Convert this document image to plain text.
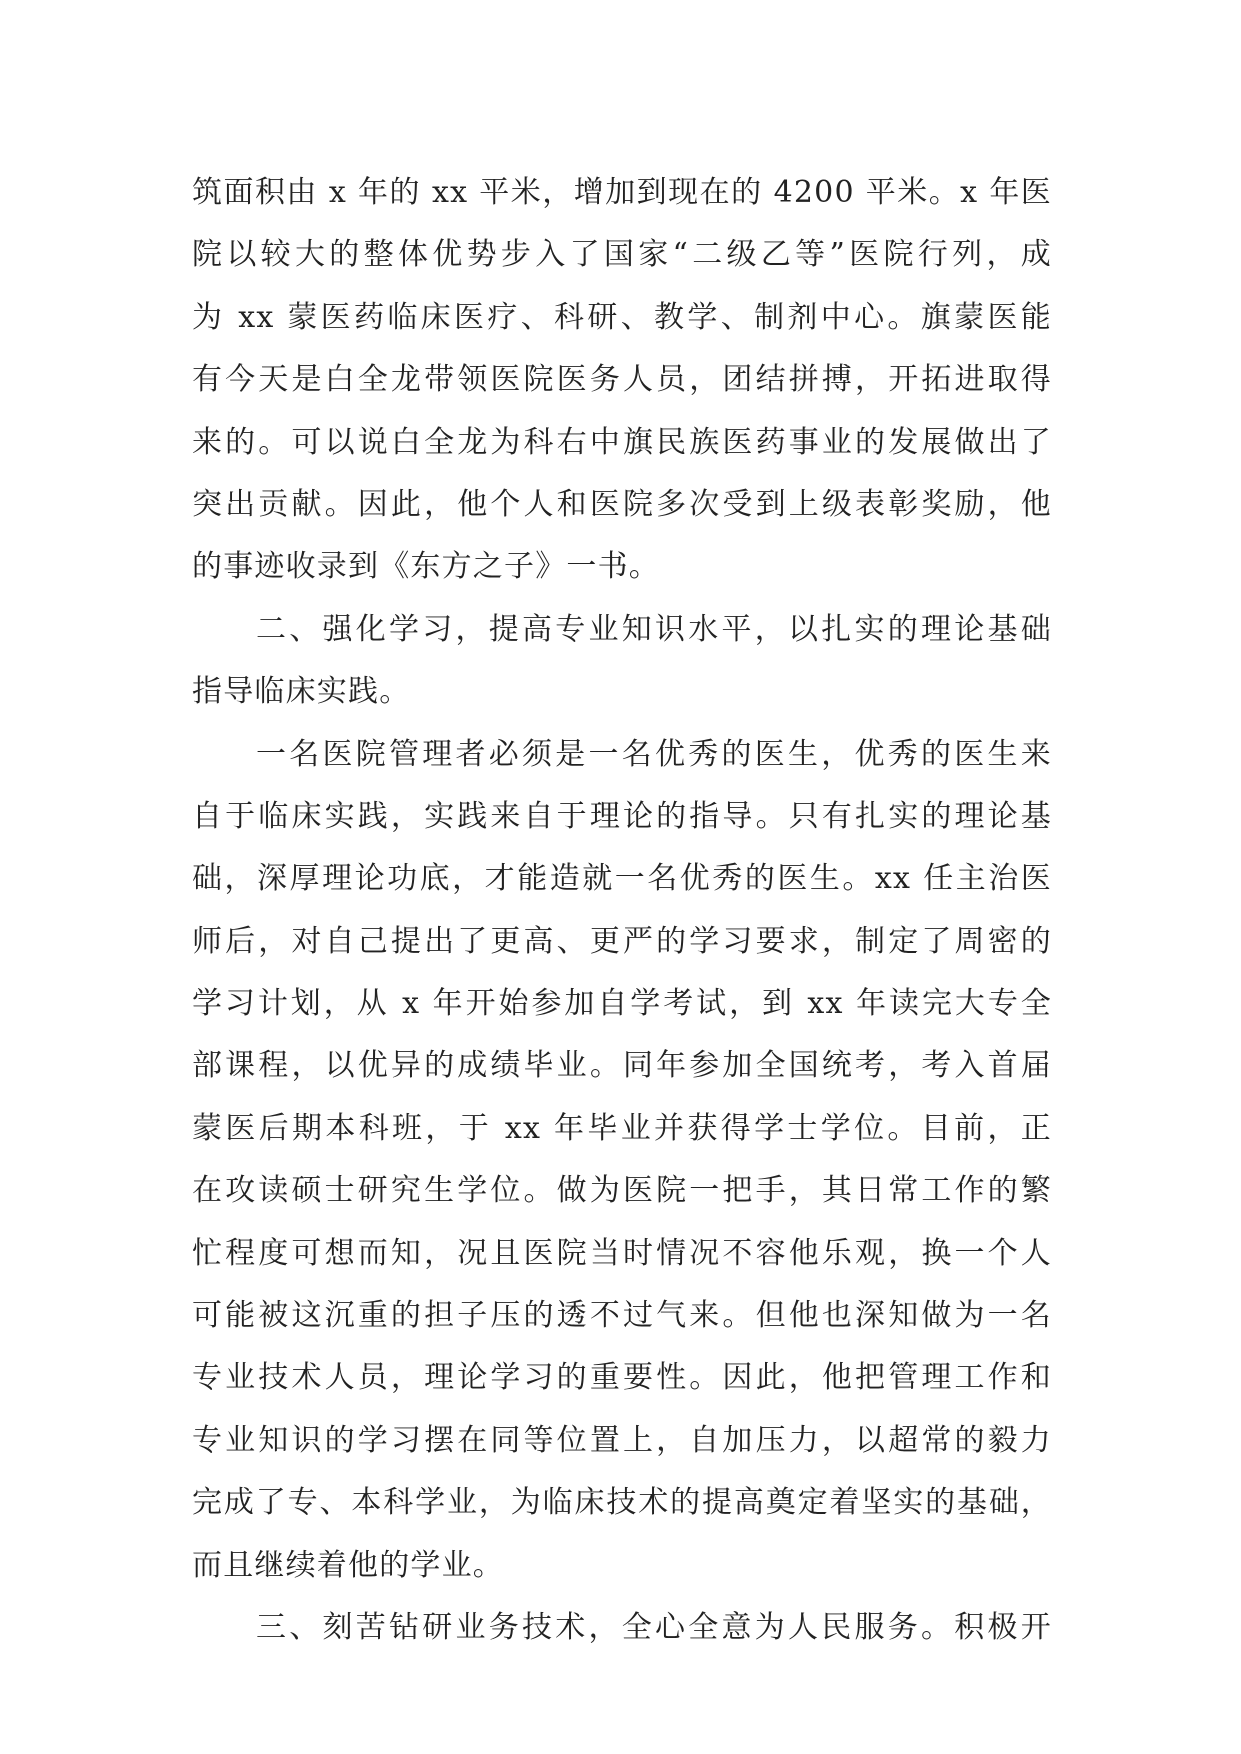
筑面积由 x 年的 xx 平米，增加到现在的 4200 平米。x 年医
院以较大的整体优势步入了国家“二级乙等”医院行列，成
为 xx 蒙医药临床医疗、科研、教学、制剂中心。旗蒙医能
有今天是白全龙带领医院医务人员，团结拼搏，开拓进取得
来的。可以说白全龙为科右中旗民族医药事业的发展做出了
突出贡献。因此，他个人和医院多次受到上级表彰奖励，他
的事迹收录到《东方之子》一书。
二、强化学习，提高专业知识水平，以扎实的理论基础
指导临床实践。
一名医院管理者必须是一名优秀的医生，优秀的医生来
自于临床实践，实践来自于理论的指导。只有扎实的理论基
础，深厚理论功底，才能造就一名优秀的医生。xx 任主治医
师后，对自己提出了更高、更严的学习要求，制定了周密的
学习计划，从 x 年开始参加自学考试，到 xx 年读完大专全
部课程，以优异的成绩毕业。同年参加全国统考，考入首届
蒙医后期本科班，于 xx 年毕业并获得学士学位。目前，正
在攻读硕士研究生学位。做为医院一把手，其日常工作的繁
忙程度可想而知，况且医院当时情况不容他乐观，换一个人
可能被这沉重的担子压的透不过气来。但他也深知做为一名
专业技术人员，理论学习的重要性。因此，他把管理工作和
专业知识的学习摆在同等位置上，自加压力，以超常的毅力
完成了专、本科学业，为临床技术的提高奠定着坚实的基础，
而且继续着他的学业。
三、刻苦钻研业务技术，全心全意为人民服务。积极开
